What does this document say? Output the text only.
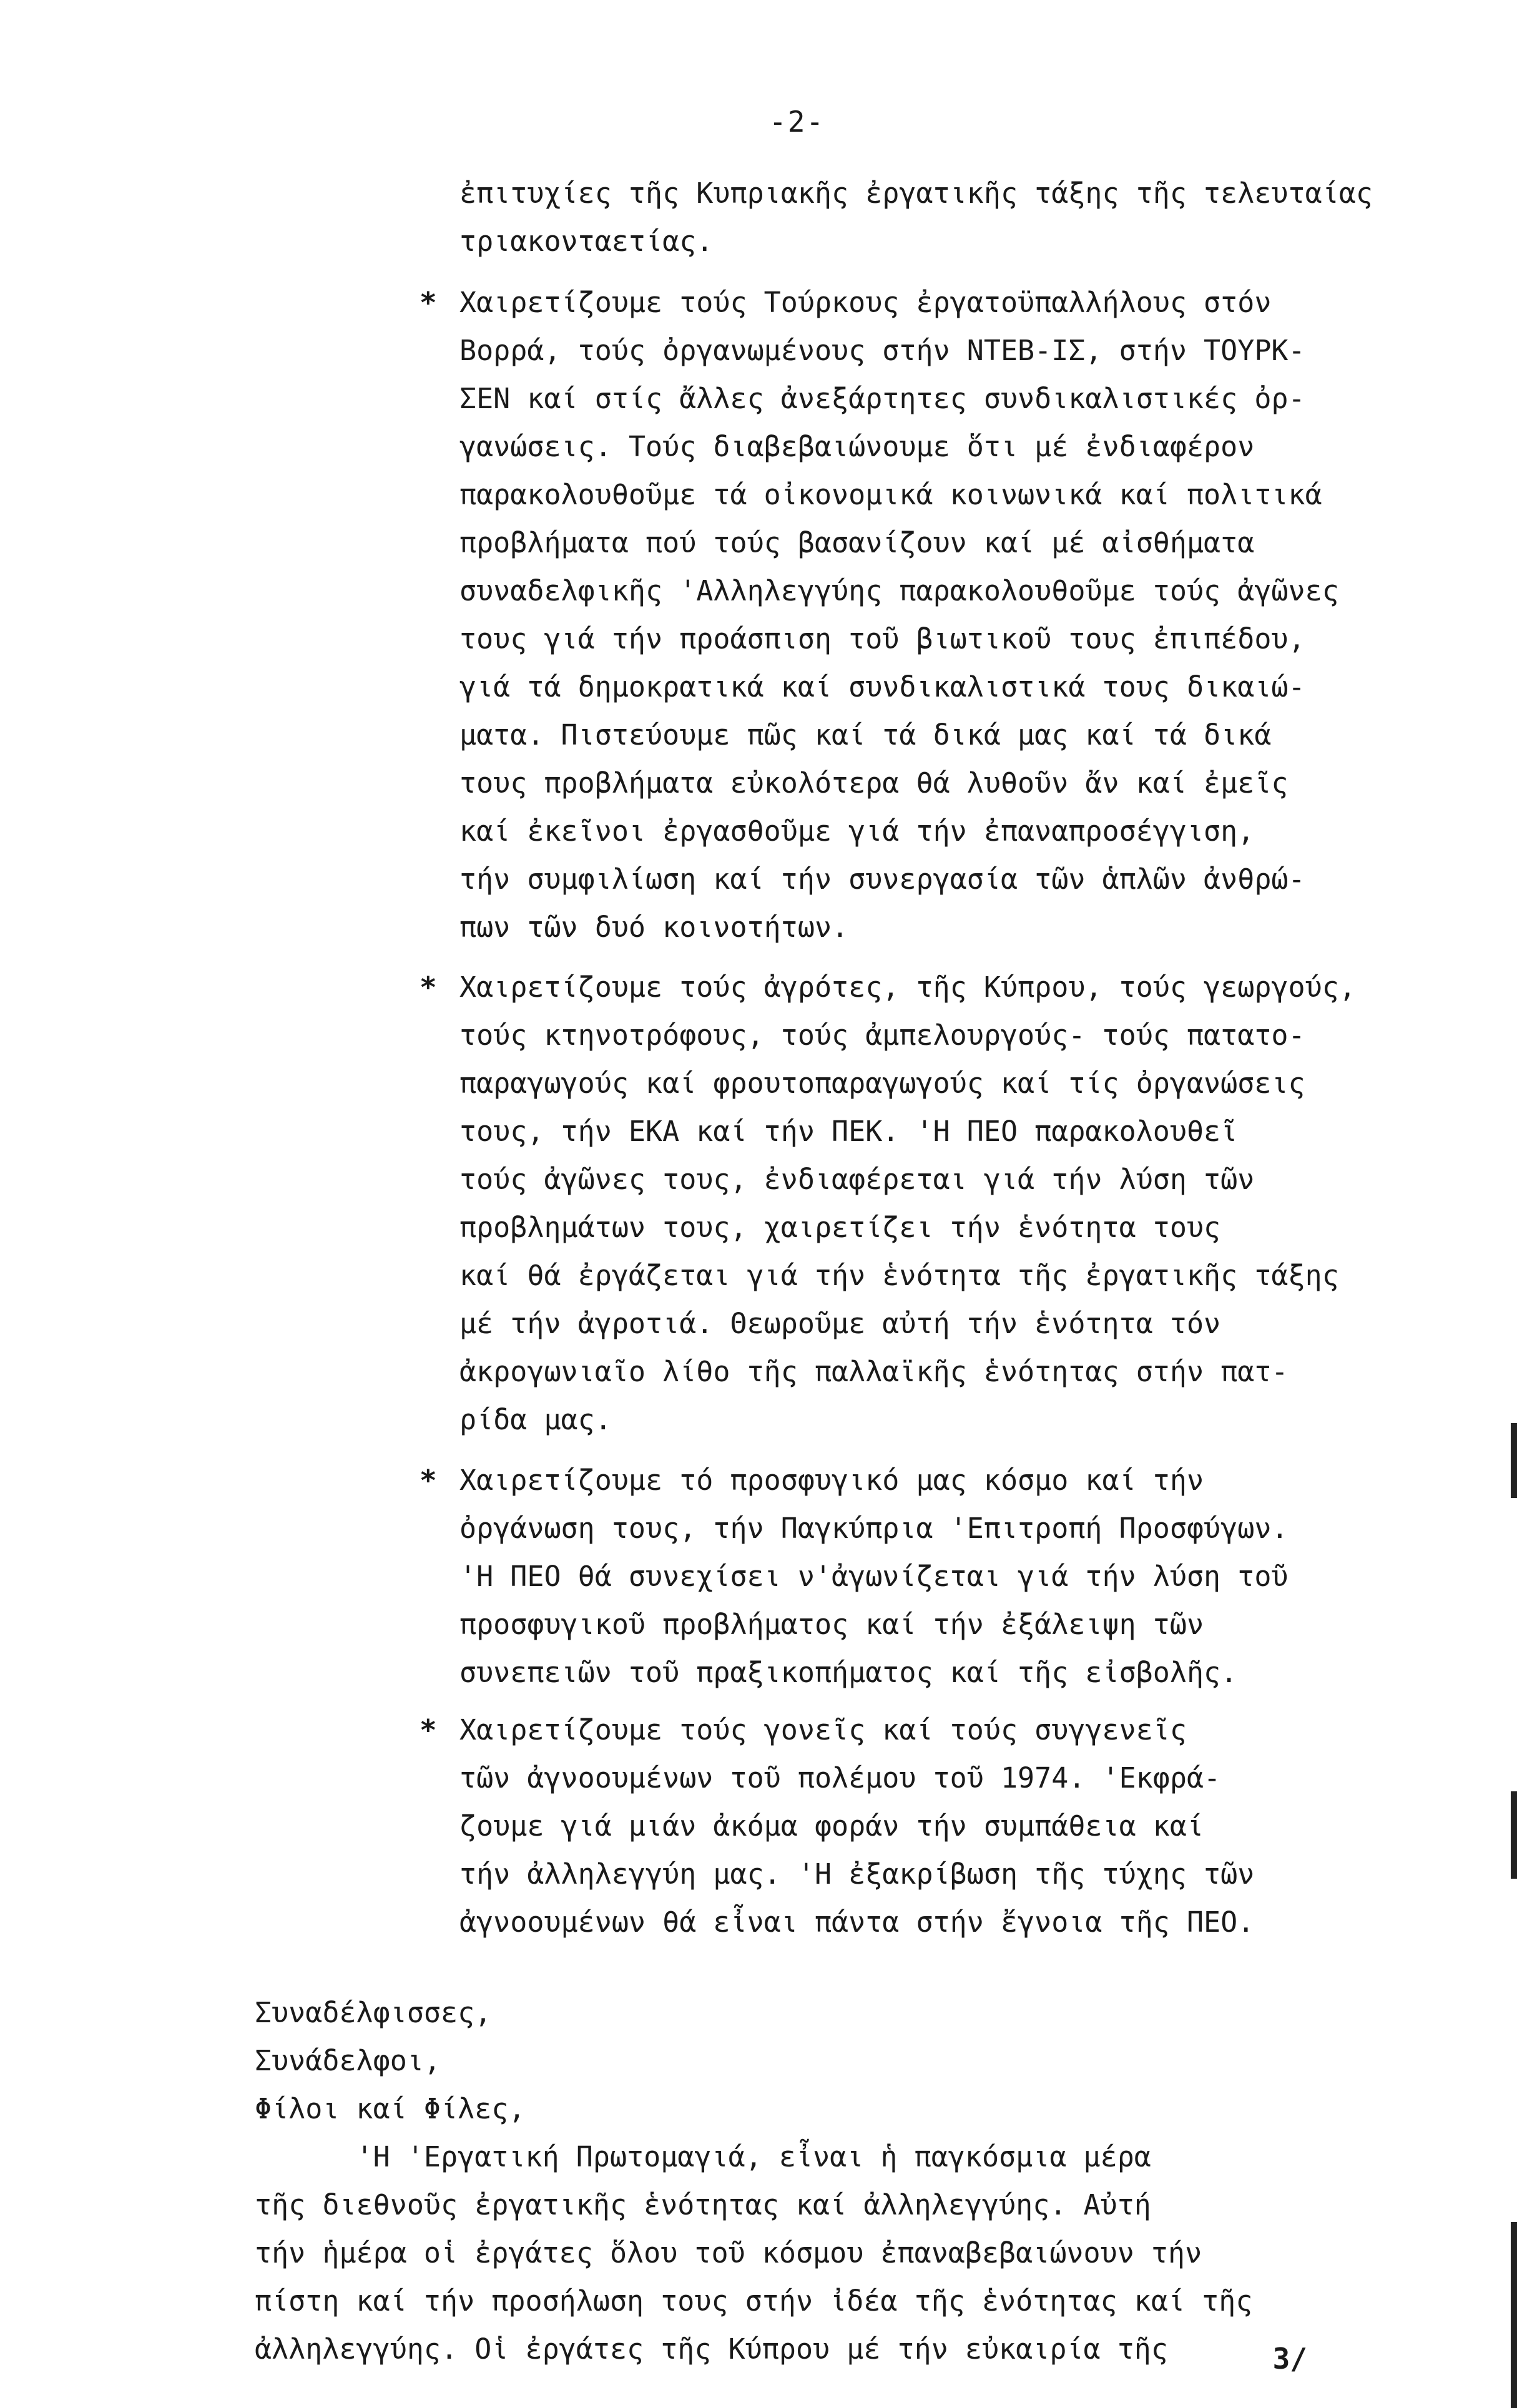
-2-
ἐπιτυχίες τῆς Κυπριακῆς ἐργατικῆς τάξης τῆς τελευταίας
τριακονταετίας.
* Χαιρετίζουμε τούς Τούρκους ἐργατοϋπαλλήλους στόν
Βορρά, τούς ὀργανωμένους στήν ΝΤΕΒ-ΙΣ, στήν ΤΟΥΡΚ-
ΣΕΝ καί στίς ἄλλες ἀνεξάρτητες συνδικαλιστικές ὀρ-
γανώσεις. Τούς διαβεβαιώνουμε ὅτι μέ ἐνδιαφέρον
παρακολουθοῦμε τά οἰκονομικά κοινωνικά καί πολιτικά
προβλήματα πού τούς βασανίζουν καί μέ αἰσθήματα
συναδελφικῆς 'Αλληλεγγύης παρακολουθοῦμε τούς ἀγῶνες
τους γιά τήν προάσπιση τοῦ βιωτικοῦ τους ἐπιπέδου,
γιά τά δημοκρατικά καί συνδικαλιστικά τους δικαιώ-
ματα. Πιστεύουμε πῶς καί τά δικά μας καί τά δικά
τους προβλήματα εὐκολότερα θά λυθοῦν ἄν καί ἐμεῖς
καί ἐκεῖνοι ἐργασθοῦμε γιά τήν ἐπαναπροσέγγιση,
τήν συμφιλίωση καί τήν συνεργασία τῶν ἁπλῶν ἀνθρώ-
πων τῶν δυό κοινοτήτων.
* Χαιρετίζουμε τούς ἀγρότες, τῆς Κύπρου, τούς γεωργούς,
τούς κτηνοτρόφους, τούς ἀμπελουργούς- τούς πατατο-
παραγωγούς καί φρουτοπαραγωγούς καί τίς ὀργανώσεις
τους, τήν ΕΚΑ καί τήν ΠΕΚ. 'Η ΠΕΟ παρακολουθεῖ
τούς ἀγῶνες τους, ἐνδιαφέρεται γιά τήν λύση τῶν
προβλημάτων τους, χαιρετίζει τήν ἑνότητα τους
καί θά ἐργάζεται γιά τήν ἑνότητα τῆς ἐργατικῆς τάξης
μέ τήν ἀγροτιά. Θεωροῦμε αὐτή τήν ἑνότητα τόν
ἀκρογωνιαῖο λίθο τῆς παλλαϊκῆς ἑνότητας στήν πατ-
ρίδα μας.
* Χαιρετίζουμε τό προσφυγικό μας κόσμο καί τήν
ὀργάνωση τους, τήν Παγκύπρια 'Επιτροπή Προσφύγων.
'Η ΠΕΟ θά συνεχίσει ν'ἀγωνίζεται γιά τήν λύση τοῦ
προσφυγικοῦ προβλήματος καί τήν ἐξάλειψη τῶν
συνεπειῶν τοῦ πραξικοπήματος καί τῆς εἰσβολῆς.
* Χαιρετίζουμε τούς γονεῖς καί τούς συγγενεῖς
τῶν ἀγνοουμένων τοῦ πολέμου τοῦ 1974. 'Εκφρά-
ζουμε γιά μιάν ἀκόμα φοράν τήν συμπάθεια καί
τήν ἀλληλεγγύη μας. 'Η ἐξακρίβωση τῆς τύχης τῶν
ἀγνοουμένων θά εἶναι πάντα στήν ἔγνοια τῆς ΠΕΟ.
Συναδέλφισσες,
Συνάδελφοι,
Φίλοι καί Φίλες,
'Η 'Εργατική Πρωτομαγιά, εἶναι ἡ παγκόσμια μέρα
τῆς διεθνοῦς ἐργατικῆς ἑνότητας καί ἀλληλεγγύης. Αὐτή
τήν ἡμέρα οἱ ἐργάτες ὅλου τοῦ κόσμου ἐπαναβεβαιώνουν τήν
πίστη καί τήν προσήλωση τους στήν ἰδέα τῆς ἑνότητας καί τῆς
ἀλληλεγγύης. Οἱ ἐργάτες τῆς Κύπρου μέ τήν εὐκαιρία τῆς	3/
